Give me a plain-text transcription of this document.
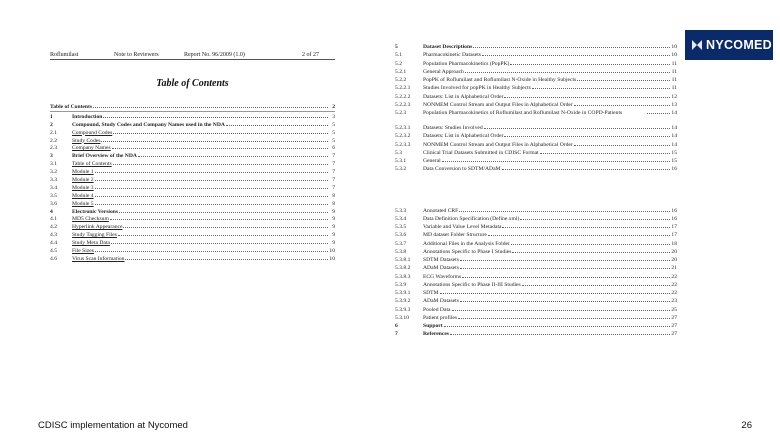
Roflumilast	Note to Reviewers	Report No. 96/2009 (1.0)	2 of 27
Table of Contents
Table of Contents	2
1	Introduction	3
2	Compound, Study Codes and Company Names used in the NDA	5
2.1	Compound Codes	5
2.2	Study Codes	5
2.3	Company Names	6
3	Brief Overview of the NDA	7
3.1	Table of Contents	7
3.2	Module 1	7
3.3	Module 2	7
3.4	Module 3	7
3.5	Module 4	8
3.6	Module 5	8
4	Electronic Versions	9
4.1	MD5 Checksum	9
4.2	Hyperlink Appearance	9
4.3	Study Tagging Files	9
4.4	Study Meta Data	9
4.5	File Sizes	10
4.6	Virus Scan Information	10
5	Dataset Descriptions	10
5.1	Pharmacokinetic Datasets	10
5.2	Population Pharmacokinetics (PopPK)	11
5.2.1	General Approach	11
5.2.2	PopPK of Roflumilast and Roflumilast N-Oxide in Healthy Subjects	11
5.2.2.1	Studies Involved for popPK in Healthy Subjects	11
5.2.2.2	Datasets: List in Alphabetical Order	12
5.2.2.3	NONMEM Control Stream and Output Files in Alphabetical Order	13
5.2.3	Population Pharmacokinetics of Roflumilast and Roflumilast N-Oxide in COPD-Patients	14
5.2.3.1	Datasets: Studies Involved	14
5.2.3.2	Datasets: List in Alphabetical Order	14
5.2.3.3	NONMEM Control Stream and Output Files in Alphabetical Order	14
5.3	Clinical Trial Datasets Submitted in CDISC Format	15
5.3.1	General	15
5.3.2	Data Conversion to SDTM/ADaM	16
5.3.3	Annotated CRF	16
5.3.4	Data Definition Specification (Define.xml)	16
5.3.5	Variable and Value Level Metadata	17
5.3.6	MD dataset Folder Structure	17
5.3.7	Additional Files in the Analysis Folder	18
5.3.8	Annotations Specific to Phase I Studies	20
5.3.8.1	SDTM Datasets	20
5.3.8.2	ADaM Datasets	21
5.3.8.3	ECG Waveforms	22
5.3.9	Annotations Specific to Phase II-III Studies	22
5.3.9.1	SDTM	22
5.3.9.2	ADaM Datasets	23
5.3.9.3	Pooled Data	25
5.3.10	Patient profiles	27
6	Support	27
7	References	27
NYCOMED
CDISC implementation at Nycomed	26
